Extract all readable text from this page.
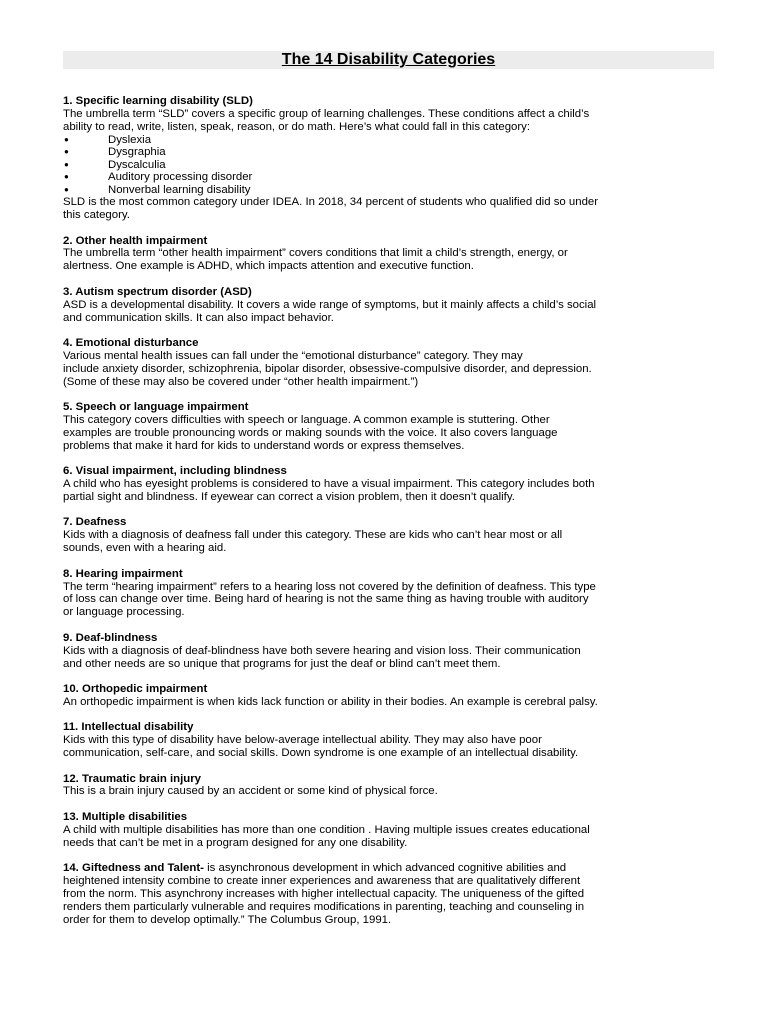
The 14 Disability Categories
1. Specific learning disability (SLD)

The umbrella term “SLD” covers a specific group of learning challenges. These conditions affect a child’s
ability to read, write, listen, speak, reason, or do math. Here’s what could fall in this category:

●	Dyslexia
●	Dysgraphia
●	Dyscalculia
●	Auditory processing disorder
●	Nonverbal learning disability

SLD is the most common category under IDEA. In 2018, 34 percent of students who qualified did so under
this category.

2. Other health impairment

The umbrella term “other health impairment” covers conditions that limit a child’s strength, energy, or
alertness. One example is ADHD, which impacts attention and executive function.

3. Autism spectrum disorder (ASD)

ASD is a developmental disability. It covers a wide range of symptoms, but it mainly affects a child’s social
and communication skills. It can also impact behavior.

4. Emotional disturbance

Various mental health issues can fall under the “emotional disturbance” category. They may
include anxiety disorder, schizophrenia, bipolar disorder, obsessive-compulsive disorder, and depression.
(Some of these may also be covered under “other health impairment.”)

5. Speech or language impairment

This category covers difficulties with speech or language. A common example is stuttering. Other
examples are trouble pronouncing words or making sounds with the voice. It also covers language
problems that make it hard for kids to understand words or express themselves.

6. Visual impairment, including blindness

A child who has eyesight problems is considered to have a visual impairment. This category includes both
partial sight and blindness. If eyewear can correct a vision problem, then it doesn’t qualify.

7. Deafness

Kids with a diagnosis of deafness fall under this category. These are kids who can’t hear most or all
sounds, even with a hearing aid.

8. Hearing impairment

The term “hearing impairment” refers to a hearing loss not covered by the definition of deafness. This type
of loss can change over time. Being hard of hearing is not the same thing as having trouble with auditory
or language processing.

9. Deaf-blindness

Kids with a diagnosis of deaf-blindness have both severe hearing and vision loss. Their communication
and other needs are so unique that programs for just the deaf or blind can’t meet them.

10. Orthopedic impairment

An orthopedic impairment is when kids lack function or ability in their bodies. An example is cerebral palsy.

11. Intellectual disability

Kids with this type of disability have below-average intellectual ability. They may also have poor
communication, self-care, and social skills. Down syndrome is one example of an intellectual disability.

12. Traumatic brain injury

This is a brain injury caused by an accident or some kind of physical force.

13. Multiple disabilities

A child with multiple disabilities has more than one condition . Having multiple issues creates educational
needs that can’t be met in a program designed for any one disability.

14. Giftedness and Talent- is asynchronous development in which advanced cognitive abilities and
heightened intensity combine to create inner experiences and awareness that are qualitatively different
from the norm. This asynchrony increases with higher intellectual capacity. The uniqueness of the gifted
renders them particularly vulnerable and requires modifications in parenting, teaching and counseling in
order for them to develop optimally.” The Columbus Group, 1991.
